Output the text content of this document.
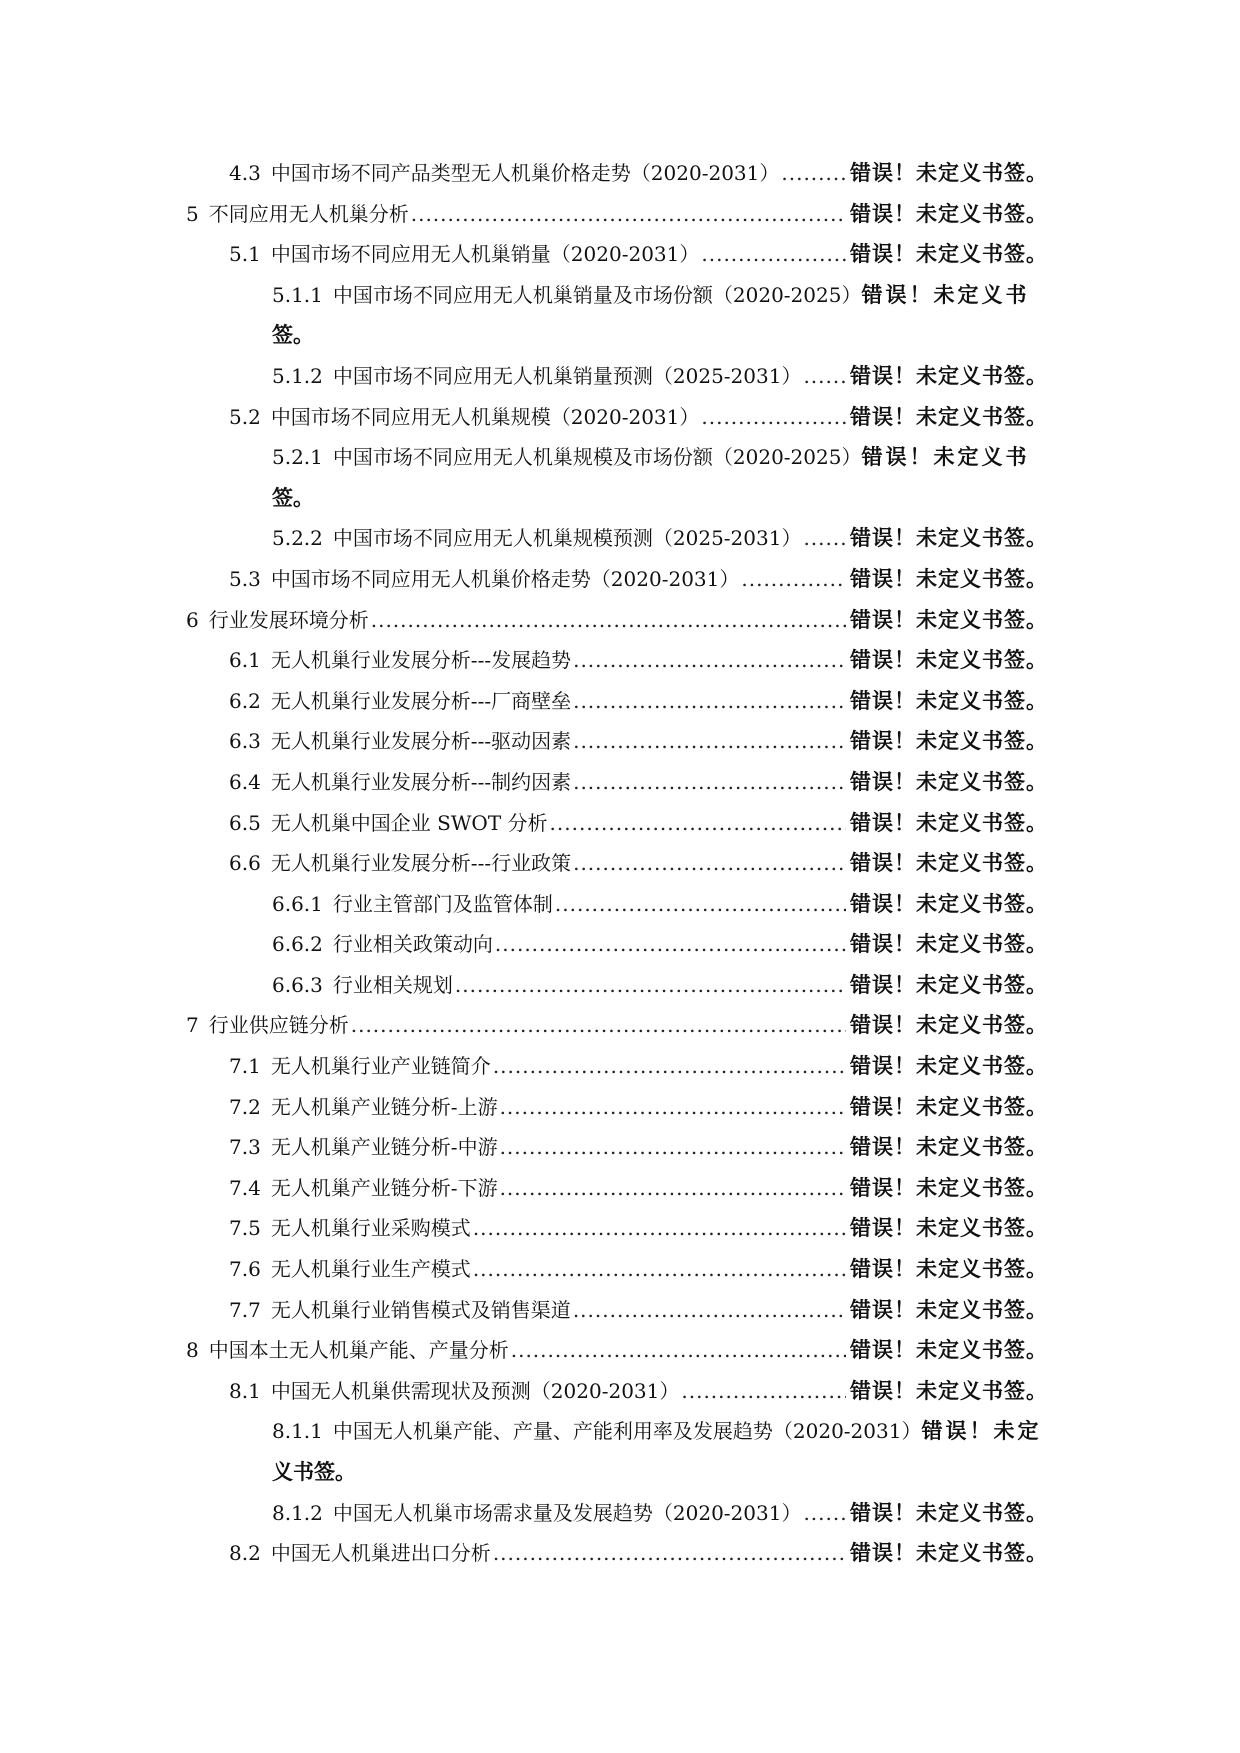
4.3 中国市场不同产品类型无人机巢价格走势（2020-2031） .....	错误！未定义书签。
5 不同应用无人机巢分析 .....	错误！未定义书签。
5.1 中国市场不同应用无人机巢销量（2020-2031） .....	错误！未定义书签。
5.1.1 中国市场不同应用无人机巢销量及市场份额（2020-2025） 错误！未定义书
签。
5.1.2 中国市场不同应用无人机巢销量预测（2025-2031） ..... 错误！未定义书签。
5.2 中国市场不同应用无人机巢规模（2020-2031） .....	错误！未定义书签。
5.2.1 中国市场不同应用无人机巢规模及市场份额（2020-2025） 错误！未定义书
签。
5.2.2 中国市场不同应用无人机巢规模预测（2025-2031） ..... 错误！未定义书签。
5.3 中国市场不同应用无人机巢价格走势（2020-2031） .....	错误！未定义书签。
6 行业发展环境分析 .....	错误！未定义书签。
6.1 无人机巢行业发展分析---发展趋势 .....	错误！未定义书签。
6.2 无人机巢行业发展分析---厂商壁垒 .....	错误！未定义书签。
6.3 无人机巢行业发展分析---驱动因素 .....	错误！未定义书签。
6.4 无人机巢行业发展分析---制约因素 .....	错误！未定义书签。
6.5 无人机巢中国企业 SWOT 分析 .....	错误！未定义书签。
6.6 无人机巢行业发展分析---行业政策 .....	错误！未定义书签。
6.6.1 行业主管部门及监管体制 .....	错误！未定义书签。
6.6.2 行业相关政策动向 .....	错误！未定义书签。
6.6.3 行业相关规划 .....	错误！未定义书签。
7 行业供应链分析 .....	错误！未定义书签。
7.1 无人机巢行业产业链简介 .....	错误！未定义书签。
7.2 无人机巢产业链分析-上游 .....	错误！未定义书签。
7.3 无人机巢产业链分析-中游 .....	错误！未定义书签。
7.4 无人机巢产业链分析-下游 .....	错误！未定义书签。
7.5 无人机巢行业采购模式 .....	错误！未定义书签。
7.6 无人机巢行业生产模式 .....	错误！未定义书签。
7.7 无人机巢行业销售模式及销售渠道 .....	错误！未定义书签。
8 中国本土无人机巢产能、产量分析 .....	错误！未定义书签。
8.1 中国无人机巢供需现状及预测（2020-2031） .....	错误！未定义书签。
8.1.1 中国无人机巢产能、产量、产能利用率及发展趋势（2020-2031） 错误！未定
义书签。
8.1.2 中国无人机巢市场需求量及发展趋势（2020-2031） ..... 错误！未定义书签。
8.2 中国无人机巢进出口分析 .....	错误！未定义书签。
